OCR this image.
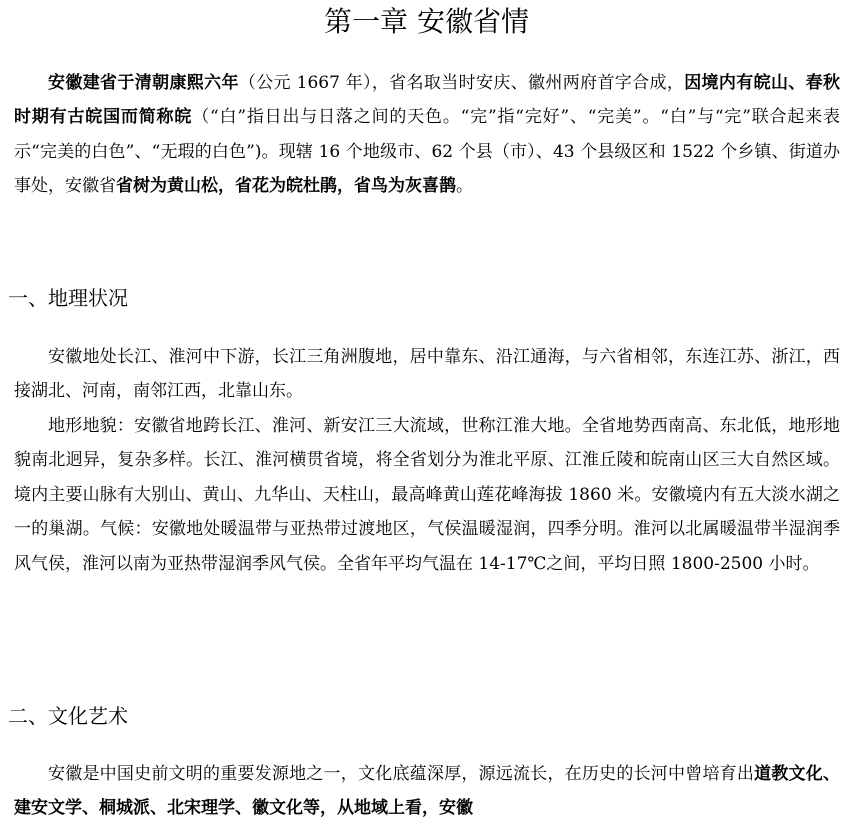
第一章 安徽省情

安徽建省于清朝康熙六年（公元 1667 年），省名取当时安庆、徽州两府首字合成，因境内有皖山、春秋时期有古皖国而简称皖（“白”指日出与日落之间的天色。“完”指“完好”、“完美”。“白”与“完”联合起来表示“完美的白色”、“无瑕的白色”)。现辖 16 个地级市、62 个县（市）、43 个县级区和 1522 个乡镇、街道办事处，安徽省省树为黄山松，省花为皖杜鹃，省鸟为灰喜鹊。

一、地理状况

安徽地处长江、淮河中下游，长江三角洲腹地，居中靠东、沿江通海，与六省相邻，东连江苏、浙江，西接湖北、河南，南邻江西，北靠山东。

地形地貌：安徽省地跨长江、淮河、新安江三大流域，世称江淮大地。全省地势西南高、东北低，地形地貌南北迥异，复杂多样。长江、淮河横贯省境，将全省划分为淮北平原、江淮丘陵和皖南山区三大自然区域。境内主要山脉有大别山、黄山、九华山、天柱山，最高峰黄山莲花峰海拔 1860 米。安徽境内有五大淡水湖之一的巢湖。气候：安徽地处暖温带与亚热带过渡地区，气侯温暖湿润，四季分明。淮河以北属暖温带半湿润季风气侯，淮河以南为亚热带湿润季风气侯。全省年平均气温在 14-17℃之间，平均日照 1800-2500 小时。

二、文化艺术

安徽是中国史前文明的重要发源地之一，文化底蕴深厚，源远流长，在历史的长河中曾培育出道教文化、建安文学、桐城派、北宋理学、徽文化等，从地域上看，安徽
